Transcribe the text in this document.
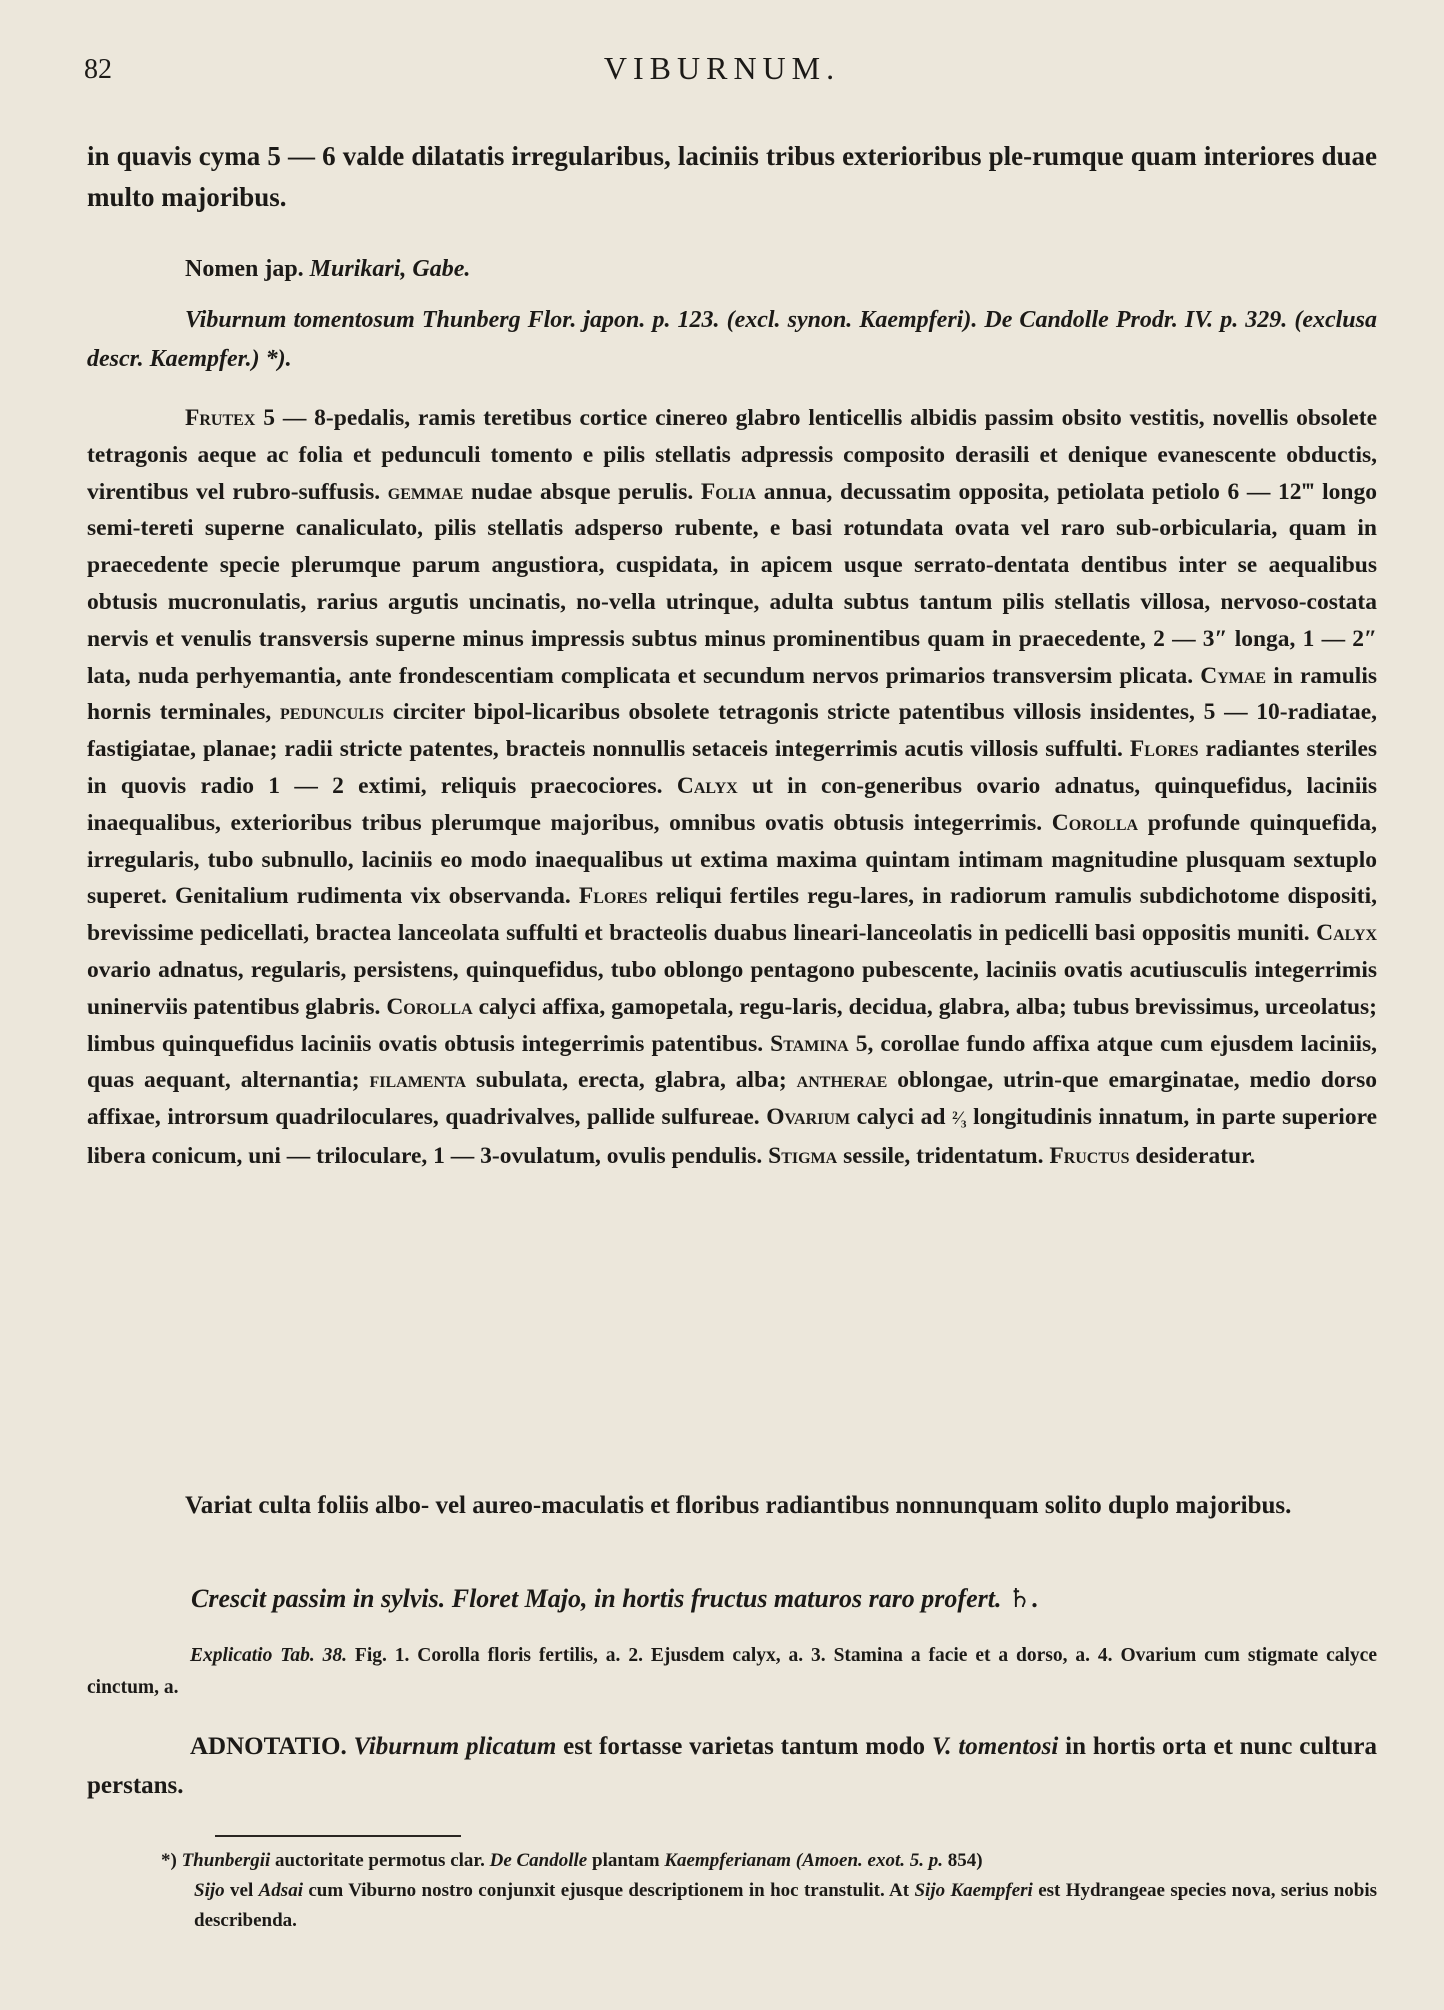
82	VIBURNUM.
in quavis cyma 5 — 6 valde dilatatis irregularibus, laciniis tribus exterioribus ple-rumque quam interiores duae multo majoribus.
Nomen jap. Murikari, Gabe.
Viburnum tomentosum Thunberg Flor. japon. p. 123. (excl. synon. Kaempferi). De Candolle Prodr. IV. p. 329. (exclusa descr. Kaempfer.) *).
Frutex 5 — 8-pedalis, ramis teretibus cortice cinereo glabro lenticellis albidis passim obsito vestitis, novellis obsolete tetragonis aeque ac folia et pedunculi tomento e pilis stellatis adpressis composito derasili et denique evanescente obductis, virentibus vel rubro-suffusis. gemmae nudae absque perulis. Folia annua, decussatim opposita, petiolata petiolo 6 — 12‴ longo semi-tereti superne canaliculato, pilis stellatis adsperso rubente, e basi rotundata ovata vel raro sub-orbicularia, quam in praecedente specie plerumque parum angustiora, cuspidata, in apicem usque serrato-dentata dentibus inter se aequalibus obtusis mucronulatis, rarius argutis uncinatis, no-vella utrinque, adulta subtus tantum pilis stellatis villosa, nervoso-costata nervis et venulis transversis superne minus impressis subtus minus prominentibus quam in praecedente, 2 — 3″ longa, 1 — 2″ lata, nuda perhyemantia, ante frondescentiam complicata et secundum nervos primarios transversim plicata. Cymae in ramulis hornis terminales, pedunculis circiter bipol-licaribus obsolete tetragonis stricte patentibus villosis insidentes, 5 — 10-radiatae, fastigiatae, planae; radii stricte patentes, bracteis nonnullis setaceis integerrimis acutis villosis suffulti. Flores radiantes steriles in quovis radio 1 — 2 extimi, reliquis praecociores. Calyx ut in con-generibus ovario adnatus, quinquefidus, laciniis inaequalibus, exterioribus tribus plerumque majoribus, omnibus ovatis obtusis integerrimis. Corolla profunde quinquefida, irregularis, tubo subnullo, laciniis eo modo inaequalibus ut extima maxima quintam intimam magnitudine plusquam sextuplo superet. Genitalium rudimenta vix observanda. Flores reliqui fertiles regu-lares, in radiorum ramulis subdichotome dispositi, brevissime pedicellati, bractea lanceolata suffulti et bracteolis duabus lineari-lanceolatis in pedicelli basi oppositis muniti. Calyx ovario adnatus, regularis, persistens, quinquefidus, tubo oblongo pentagono pubescente, laciniis ovatis acutiusculis integerrimis uninerviis patentibus glabris. Corolla calyci affixa, gamopetala, regu-laris, decidua, glabra, alba; tubus brevissimus, urceolatus; limbus quinquefidus laciniis ovatis obtusis integerrimis patentibus. Stamina 5, corollae fundo affixa atque cum ejusdem laciniis, quas aequant, alternantia; filamenta subulata, erecta, glabra, alba; antherae oblongae, utrin-que emarginatae, medio dorso affixae, introrsum quadriloculares, quadrivalves, pallide sulfureae. Ovarium calyci ad ²⁄₃ longitudinis innatum, in parte superiore libera conicum, uni — triloculare, 1 — 3-ovulatum, ovulis pendulis. Stigma sessile, tridentatum. Fructus desideratur.
Variat culta foliis albo- vel aureo-maculatis et floribus radiantibus nonnunquam solito duplo majoribus.
Crescit passim in sylvis. Floret Majo, in hortis fructus maturos raro profert. ♄.
Explicatio Tab. 38. Fig. 1. Corolla floris fertilis, a. 2. Ejusdem calyx, a. 3. Stamina a facie et a dorso, a. 4. Ovarium cum stigmate calyce cinctum, a.
ADNOTATIO. Viburnum plicatum est fortasse varietas tantum modo V. tomentosi in hortis orta et nunc cultura perstans.
*) Thunbergii auctoritate permotus clar. De Candolle plantam Kaempferianam (Amoen. exot. 5. p. 854)
Sijo vel Adsai cum Viburno nostro conjunxit ejusque descriptionem in hoc transtulit. At Sijo Kaempferi est Hydrangeae species nova, serius nobis describenda.
